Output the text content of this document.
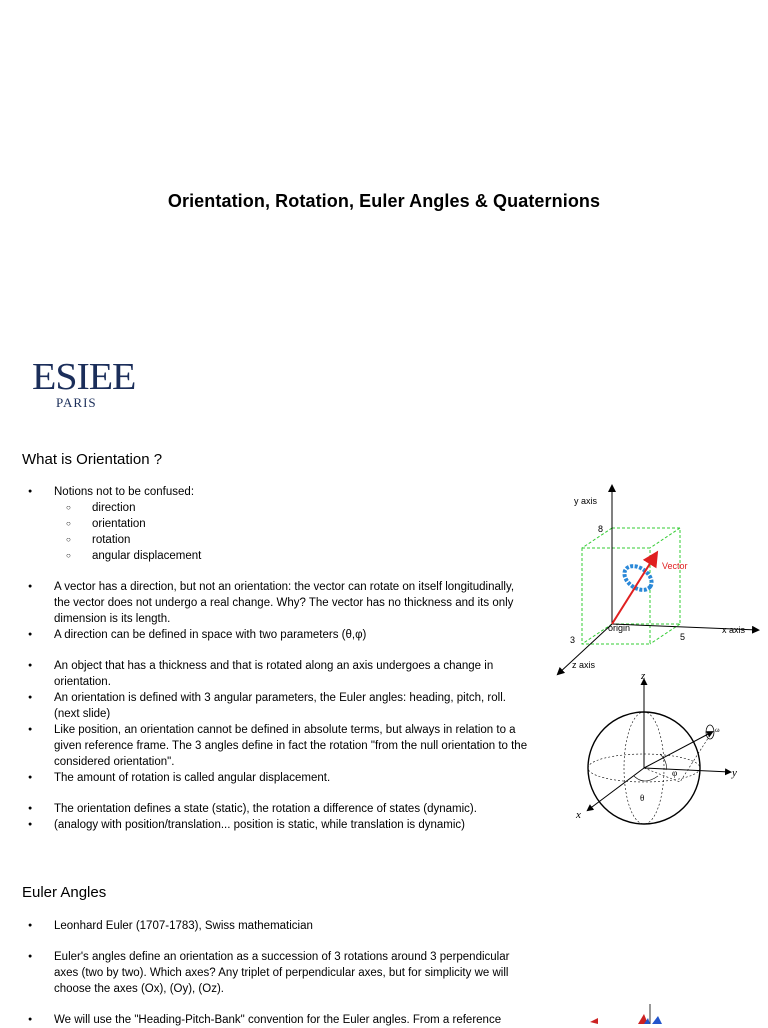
Orientation, Rotation, Euler Angles & Quaternions
ESIEE
PARIS
What is Orientation ?
● Notions not to be confused:
○ direction
○ orientation
○ rotation
○ angular displacement
● A vector has a direction, but not an orientation: the vector can rotate on itself longitudinally, the vector does not undergo a real change. Why? The vector has no thickness and its only dimension is its length.
● A direction can be defined in space with two parameters (θ,φ)
● An object that has a thickness and that is rotated along an axis undergoes a change in orientation.
● An orientation is defined with 3 angular parameters, the Euler angles: heading, pitch, roll. (next slide)
● Like position, an orientation cannot be defined in absolute terms, but always in relation to a given reference frame. The 3 angles define in fact the rotation "from the null orientation to the considered orientation".
● The amount of rotation is called angular displacement.
● The orientation defines a state (static), the rotation a difference of states (dynamic).
● (analogy with position/translation... position is static, while translation is dynamic)
Euler Angles
● Leonhard Euler (1707-1783), Swiss mathematician
● Euler's angles define an orientation as a succession of 3 rotations around 3 perpendicular axes (two by two). Which axes? Any triplet of perpendicular axes, but for simplicity we will choose the axes (Ox), (Oy), (Oz).
● We will use the "Heading-Pitch-Bank" convention for the Euler angles. From a reference
y axis
x axis
z axis
8
5
3
Vector
origin
z
y
x
φ
θ
ω
